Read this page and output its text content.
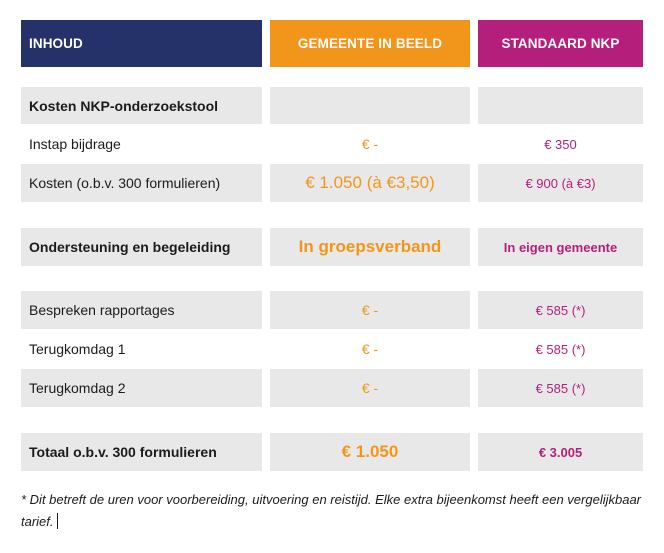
INHOUD	GEMEENTE IN BEELD	STANDAARD NKP
Kosten NKP-onderzoekstool
Instap bijdrage	€ -	€ 350
Kosten (o.b.v. 300 formulieren)	€ 1.050 (à €3,50)	€ 900 (à €3)
Ondersteuning en begeleiding	In groepsverband	In eigen gemeente
Bespreken rapportages	€ -	€ 585 (*)
Terugkomdag 1	€ -	€ 585 (*)
Terugkomdag 2	€ -	€ 585 (*)
Totaal o.b.v. 300 formulieren	€ 1.050	€ 3.005
* Dit betreft de uren voor voorbereiding, uitvoering en reistijd. Elke extra bijeenkomst heeft een vergelijkbaar tarief.
